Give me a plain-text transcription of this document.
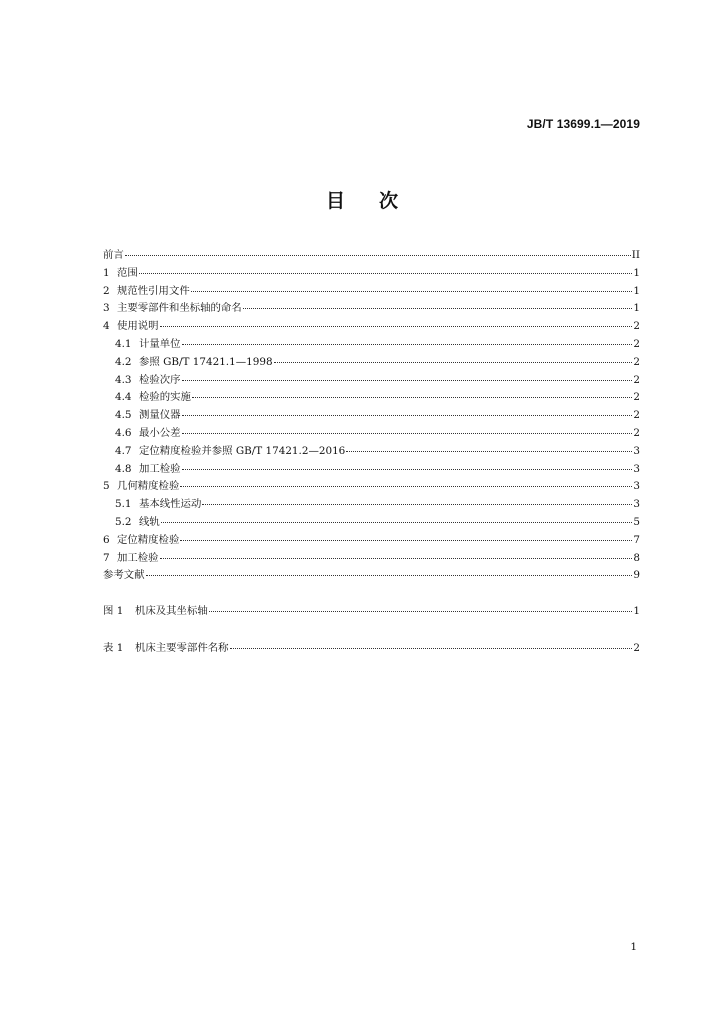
JB/T 13699.1—2019
目 次
前言	II
1 范围	1
2 规范性引用文件	1
3 主要零部件和坐标轴的命名	1
4 使用说明	2
4.1 计量单位	2
4.2 参照 GB/T 17421.1—1998	2
4.3 检验次序	2
4.4 检验的实施	2
4.5 测量仪器	2
4.6 最小公差	2
4.7 定位精度检验并参照 GB/T 17421.2—2016	3
4.8 加工检验	3
5 几何精度检验	3
5.1 基本线性运动	3
5.2 线轨	5
6 定位精度检验	7
7 加工检验	8
参考文献	9
图 1	机床及其坐标轴	1
表 1	机床主要零部件名称	2
1
